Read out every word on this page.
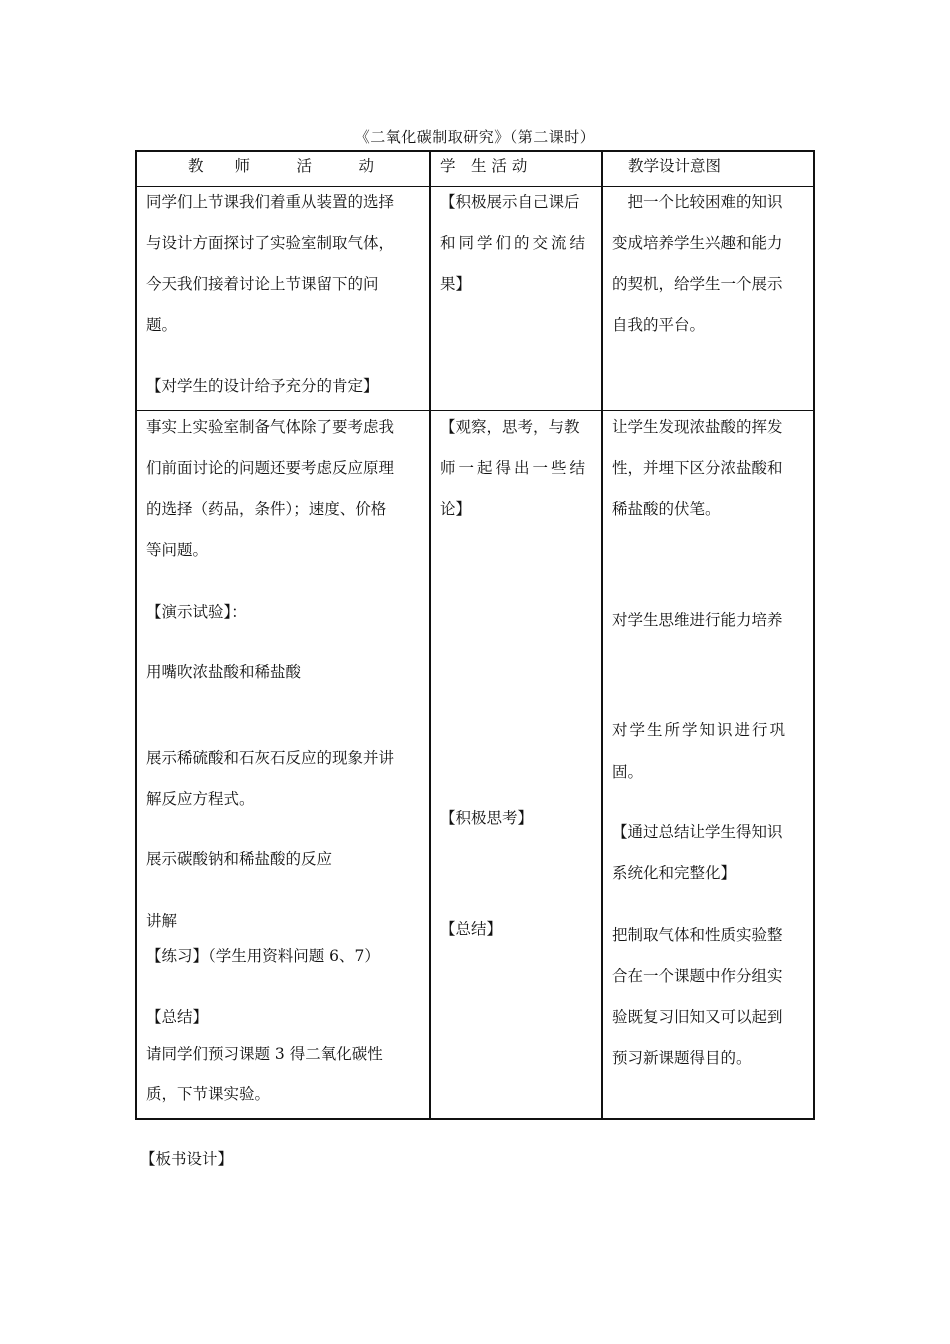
《二氧化碳制取研究》（第二课时）
教　　师　　　活　　　动	学　生 活 动	教学设计意图
同学们上节课我们着重从装置的选择
与设计方面探讨了实验室制取气体，
今天我们接着讨论上节课留下的问
题。
【对学生的设计给予充分的肯定】
【积极展示自己课后
和同学们的交流结
果】
　把一个比较困难的知识
变成培养学生兴趣和能力
的契机，给学生一个展示
自我的平台。
事实上实验室制备气体除了要考虑我
们前面讨论的问题还要考虑反应原理
的选择（药品，条件）；速度、价格
等问题。
【演示试验】：
用嘴吹浓盐酸和稀盐酸
展示稀硫酸和石灰石反应的现象并讲
解反应方程式。
展示碳酸钠和稀盐酸的反应
讲解
【练习】（学生用资料问题 6、7）
【总结】
请同学们预习课题 3 得二氧化碳性
质，下节课实验。
【观察，思考，与教
师一起得出一些结
论】
【积极思考】
【总结】
让学生发现浓盐酸的挥发
性，并埋下区分浓盐酸和
稀盐酸的伏笔。
对学生思维进行能力培养
对学生所学知识进行巩
固。
【通过总结让学生得知识
系统化和完整化】
把制取气体和性质实验整
合在一个课题中作分组实
验既复习旧知又可以起到
预习新课题得目的。
【板书设计】
